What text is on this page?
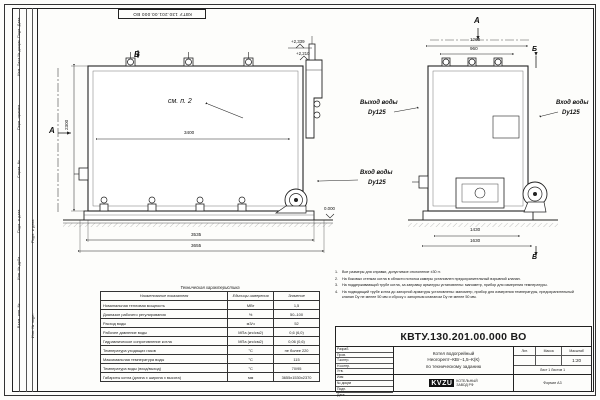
Изм. Лист № докум. Подп. Дата
Перв. примен.
Справ. №
Подп. и дата
Инв. № дубл.
Взам. инв. №
Подп. и дата
Инв. № подл.
КВТУ 130.201.00.000 ВО
В
А
А
Б
Б
см. п. 2	Выход воды
Dy125
Вход воды
Dy125
Вход воды
Dy125
+2,339
+2,210
0.000
2300
3400
3535
3655
1260
960
1430
1630
Техническая характеристика
Наименование показателя	Единицы измерения	Значение
Номинальная тепловая мощность	МВт	1,5
Диапазон рабочего регулирования	%	50–100
Расход воды	м3/ч	52
Рабочее давление воды	МПа (кгс/см2)	0,6 (6,0)
Гидравлическое сопротивление котла	МПа (кгс/см2)	0,06 (0,6)
Температура уходящих газов	°С	не более 220
Максимальная температура воды	°С	115
Температура воды (вход/выход)	°С	70/95
Габариты котла (длина х ширина х высота)	мм	3655х1530х2370
1.	Все размеры для справки, допустимое отклонение ±30 гг.
2.	На боковых стенках котла в области потолка камеры установлен предохранительный взрывной клапан.
3.	На поддерживающий трубе котла, за заправку арматуры установлены: манометр, прибор для измерения температуры.
4.	На подводящий трубе котла до запорной арматуры установлены: манометр, прибор для измерения температуры, предохранительный клапан Dy не менее 50 мм и сбросу с запорным клапаном Dy не менее 50 мм.
КВТУ.130.201.00.000 ВО
Разраб.
Пров.
Т.контр.
Н.контр.
Утв.
Котел водогрейный
Неогорепт–КВг–1,5–К(К)
по техническому заданию
Лит.	Масса	Масштаб
1:20
Лист 1 Листов 1
Изм
№ докум
Подп.
Дата
KVZU	КОТЕЛЬНЫЙ
ЗАВОД РФ	Формат А3
